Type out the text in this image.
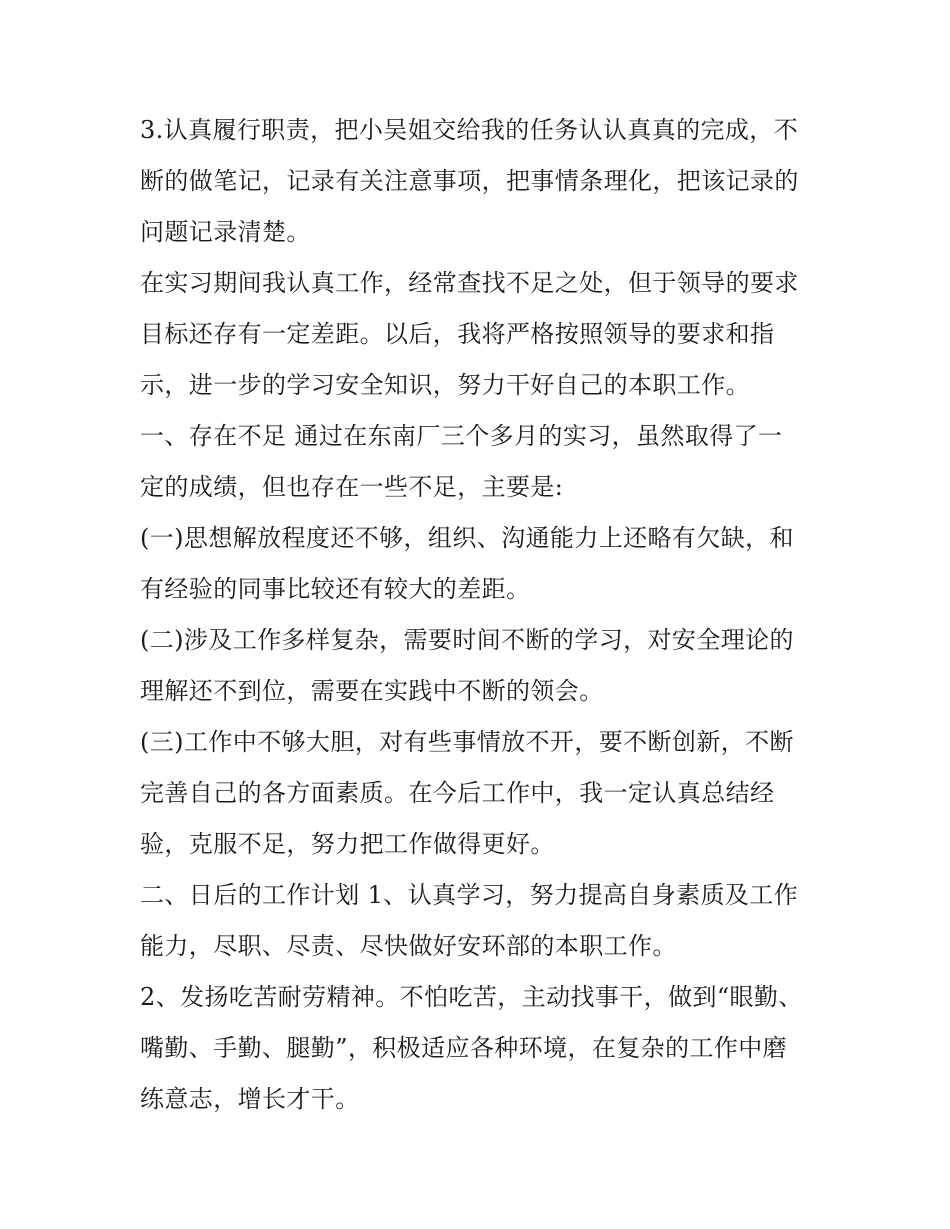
3.认真履行职责，把小吴姐交给我的任务认认真真的完成，不
断的做笔记，记录有关注意事项，把事情条理化，把该记录的
问题记录清楚。
在实习期间我认真工作，经常查找不足之处，但于领导的要求
目标还存有一定差距。以后，我将严格按照领导的要求和指
示，进一步的学习安全知识，努力干好自己的本职工作。
一、存在不足 通过在东南厂三个多月的实习，虽然取得了一
定的成绩，但也存在一些不足，主要是:
(一)思想解放程度还不够，组织、沟通能力上还略有欠缺，和
有经验的同事比较还有较大的差距。
(二)涉及工作多样复杂，需要时间不断的学习，对安全理论的
理解还不到位，需要在实践中不断的领会。
(三)工作中不够大胆，对有些事情放不开，要不断创新，不断
完善自己的各方面素质。在今后工作中，我一定认真总结经
验，克服不足，努力把工作做得更好。
二、日后的工作计划 1、认真学习，努力提高自身素质及工作
能力，尽职、尽责、尽快做好安环部的本职工作。
2、发扬吃苦耐劳精神。不怕吃苦，主动找事干，做到“眼勤、
嘴勤、手勤、腿勤”，积极适应各种环境，在复杂的工作中磨
练意志，增长才干。
